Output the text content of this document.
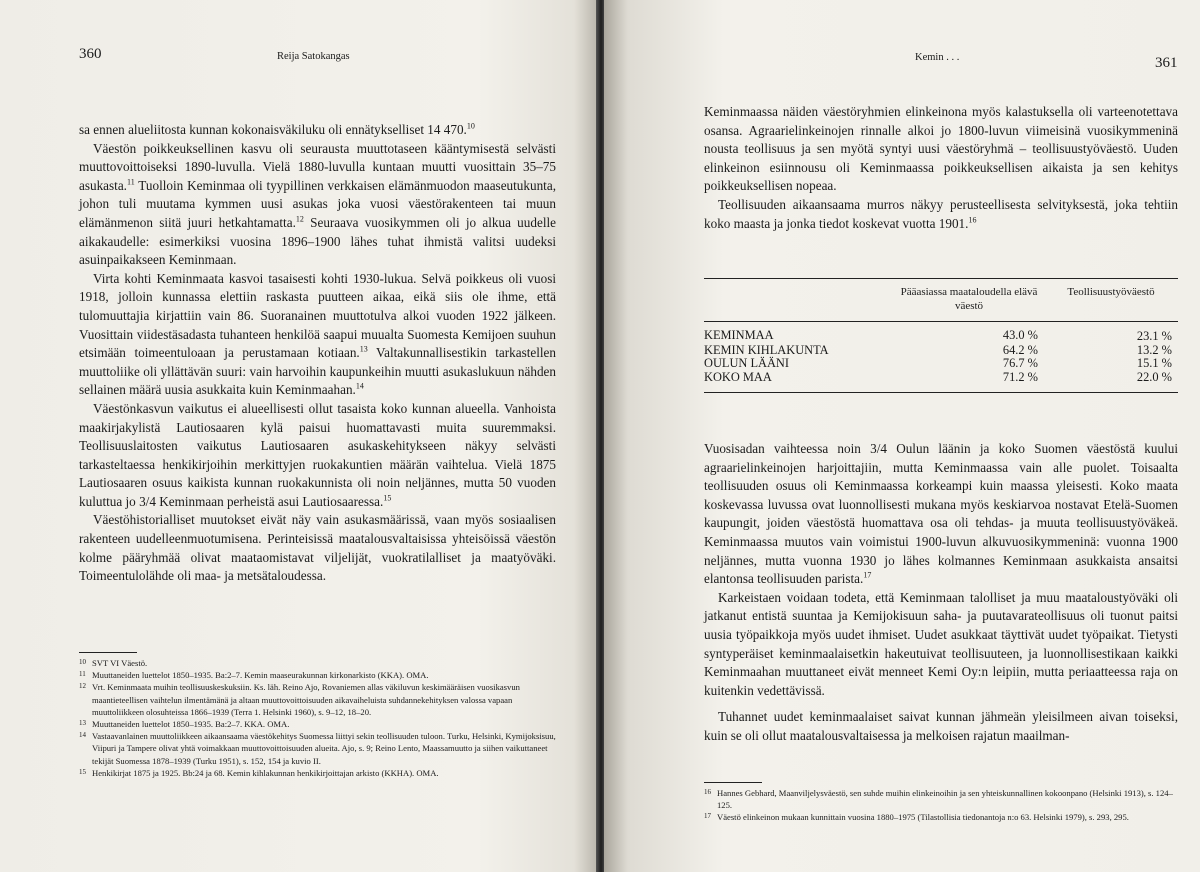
360	Reija Satokangas

sa ennen alueliitosta kunnan kokonaisväkiluku oli ennätykselliset 14 470.10

Väestön poikkeuksellinen kasvu oli seurausta muuttotaseen kääntymisestä selvästi muuttovoittoiseksi 1890-luvulla. Vielä 1880-luvulla kuntaan muutti vuosittain 35–75 asukasta.$^{11}$ Tuolloin Keminmaa oli tyypillinen verkkaisen elämänmuodon maaseutukunta, johon tuli muutama kymmen uusi asukas joka vuosi väestörakenteen tai muun elämänmenon siitä juuri hetkahtamatta.$^{12}$ Seuraava vuosikymmen oli jo alkua uudelle aikakaudelle: esimerkiksi vuosina 1896–1900 lähes tuhat ihmistä valitsi uudeksi asuinpaikakseen Keminmaan.

Virta kohti Keminmaata kasvoi tasaisesti kohti 1930-lukua. Selvä poikkeus oli vuosi 1918, jolloin kunnassa elettiin raskasta puutteen aikaa, eikä siis ole ihme, että tulomuuttajia kirjattiin vain 86. Suoranainen muuttotulva alkoi vuoden 1922 jälkeen. Vuosittain viidestäsadasta tuhanteen henkilöä saapui muualta Suomesta Kemijoen suuhun etsimään toimeentuloaan ja perustamaan kotiaan.$^{13}$ Valtakunnallisestikin tarkastellen muuttoliike oli yllättävän suuri: vain harvoihin kaupunkeihin muutti asukaslukuun nähden sellainen määrä uusia asukkaita kuin Keminmaahan.$^{14}$

Väestönkasvun vaikutus ei alueellisesti ollut tasaista koko kunnan alueella. Vanhoista maakirjakylistä Lautiosaaren kylä paisui huomattavasti muita suuremmaksi. Teollisuuslaitosten vaikutus Lautiosaaren asukaskehitykseen näkyy selvästi tarkasteltaessa henkikirjoihin merkittyjen ruokakuntien määrän vaihtelua. Vielä 1875 Lautiosaaren osuus kaikista kunnan ruokakunnista oli noin neljännes, mutta 50 vuoden kuluttua jo 3/4 Keminmaan perheistä asui Lautiosaaressa.$^{15}$

Väestöhistorialliset muutokset eivät näy vain asukasmäärissä, vaan myös sosiaalisen rakenteen uudelleenmuotumisena. Perinteisissä maatalousvaltaisissa yhteisöissä väestön kolme pääryhmää olivat maatаomistavat viljelijät, vuokratilalliset ja maatyöväki. Toimeentulolähde oli maa- ja metsätaloudessa.

10 SVT VI Väestö.
11 Muuttaneiden luettelot 1850–1935. Ba:2–7. Kemin maaseurakunnan kirkonarkisto (KKA). OMA.
12 Vrt. Keminmaata muihin teollisuuskeskuksiin. Ks. läh. Reino Ajo, Rovaniemen allas väkiluvun keskimääräisen vuosikasvun maantieteellisen vaihtelun ilmentämänä ja altaan muuttovoittoisuuden aikavaiheluista suhdannekehityksen valossa vapaan muuttoliikkeen olosuhteissa 1866–1939 (Terra 1. Helsinki 1960), s. 9–12, 18–20.
13 Muuttaneiden luettelot 1850–1935. Ba:2–7. KKA. OMA.
14 Vastaavanlainen muuttoliikkeen aikaansaama väestökehitys Suomessa liittyi sekin teollisuuden tuloon. Turku, Helsinki, Kymijoksisuu, Viipuri ja Tampere olivat yhtä voimakkaan muuttovoittoisuuden alueita. Ajo, s. 9; Reino Lento, Maassamuutto ja siihen vaikuttaneet tekijät Suomessa 1878–1939 (Turku 1951), s. 152, 154 ja kuvio II.
15 Henkikirjat 1875 ja 1925. Bb:24 ja 68. Kemin kihlakunnan henkikirjoittajan arkisto (KKHA). OMA.
Kemin . . .	361

Keminmaassa näiden väestöryhmien elinkeinona myös kalastuksella oli varteenotettava osansa. Agraarielinkeinojen rinnalle alkoi jo 1800-luvun viimeisinä vuosikymmeninä nousta teollisuus ja sen myötä syntyi uusi väestöryhmä – teollisuustyöväestö. Uuden elinkeinon esiinnousu oli Keminmaassa poikkeuksellisen aikaista ja sen kehitys poikkeuksellisen nopeaa.

Teollisuuden aikaansaama murros näkyy perusteellisesta selvityksestä, joka tehtiin koko maasta ja jonka tiedot koskevat vuotta 1901.16

	Pääasiassa maataloudella elävä väestö	Teollisuustyöväestö
KEMINMAA	43.0 %	23.1 %
KEMIN KIHLAKUNTA	64.2 %	13.2 %
OULUN LÄÄNI	76.7 %	15.1 %
KOKO MAA	71.2 %	22.0 %

Vuosisadan vaihteessa noin 3/4 Oulun läänin ja koko Suomen väestöstä kuului agraarielinkeinojen harjoittajiin, mutta Keminmaassa vain alle puolet. Toisaalta teollisuuden osuus oli Keminmaassa korkeampi kuin maassa yleisesti. Koko maata koskevassa luvussa ovat luonnollisesti mukana myös keskiarvoa nostavat Etelä-Suomen kaupungit, joiden väestöstä huomattava osa oli tehdas- ja muuta teollisuustyöväkeä. Keminmaassa muutos vain voimistui 1900-luvun alkuvuosikymmeninä: vuonna 1900 neljännes, mutta vuonna 1930 jo lähes kolmannes Keminmaan asukkaista ansaitsi elantonsa teollisuuden parista.$^{17}$

Karkeistaen voidaan todeta, että Keminmaan talolliset ja muu maataloustyöväki oli jatkanut entistä suuntaa ja Kemijokisuun saha- ja puutavarateollisuus oli tuonut paitsi uusia työpaikkoja myös uudet ihmiset. Uudet asukkaat täyttivät uudet työpaikat. Tietysti syntyperäiset keminmaalaisetkin hakeutuivat teollisuuteen, ja luonnollisestikaan kaikki Keminmaahan muuttaneet eivät menneet Kemi Oy:n leipiin, mutta periaatteessa raja on kuitenkin vedettävissä.

Tuhannet uudet keminmaalaiset saivat kunnan jähmeän yleisilmeen aivan toiseksi, kuin se oli ollut maatalousvaltaisessa ja melkoisen rajatun maailman-

16 Hannes Gebhard, Maanviljelysväestö, sen suhde muihin elinkeinoihin ja sen yhteiskunnallinen kokoonpano (Helsinki 1913), s. 124–125.
17 Väestö elinkeinon mukaan kunnittain vuosina 1880–1975 (Tilastollisia tiedonantoja n:o 63. Helsinki 1979), s. 293, 295.
